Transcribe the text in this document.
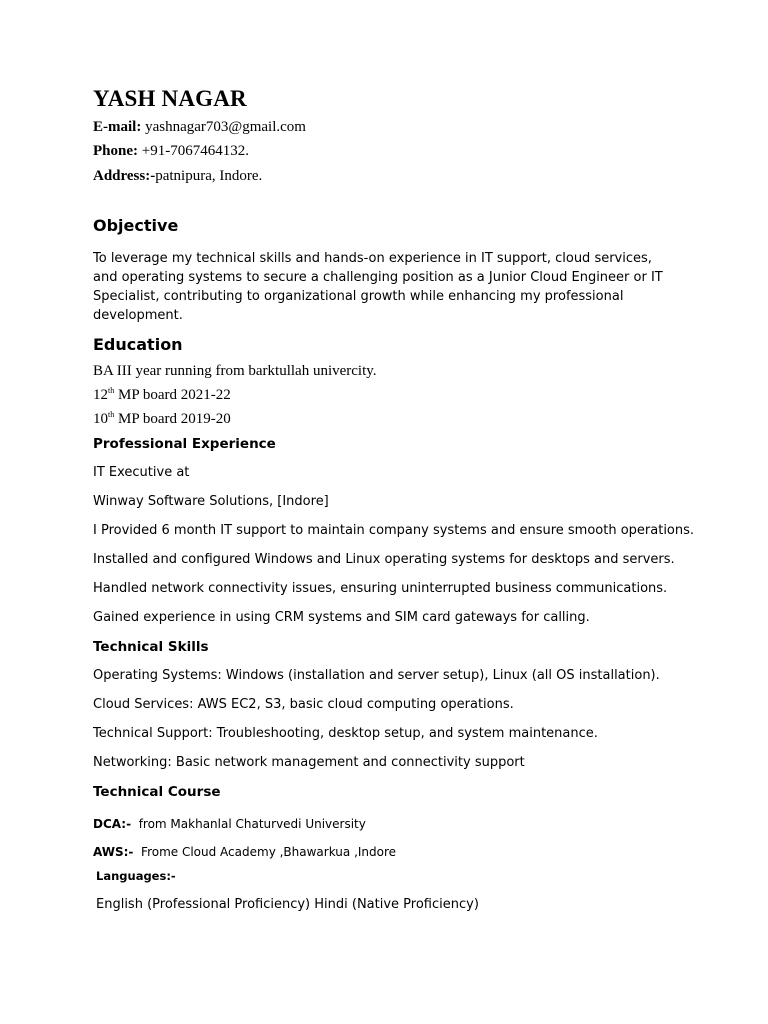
YASH NAGAR
E-mail: yashnagar703@gmail.com
Phone: +91-7067464132.
Address:-patnipura, Indore.
Objective
To leverage my technical skills and hands-on experience in IT support, cloud services, and operating systems to secure a challenging position as a Junior Cloud Engineer or IT Specialist, contributing to organizational growth while enhancing my professional development.
Education
BA III year running from barktullah univercity.
12th MP board 2021-22
10th MP board 2019-20
Professional Experience
IT Executive at
Winway Software Solutions, [Indore]
I Provided 6 month IT support to maintain company systems and ensure smooth operations.
Installed and configured Windows and Linux operating systems for desktops and servers.
Handled network connectivity issues, ensuring uninterrupted business communications.
Gained experience in using CRM systems and SIM card gateways for calling.
Technical Skills
Operating Systems: Windows (installation and server setup), Linux (all OS installation).
Cloud Services: AWS EC2, S3, basic cloud computing operations.
Technical Support: Troubleshooting, desktop setup, and system maintenance.
Networking: Basic network management and connectivity support
Technical Course
DCA:-  from Makhanlal Chaturvedi University
AWS:-  Frome Cloud Academy ,Bhawarkua ,Indore
Languages:-
English (Professional Proficiency) Hindi (Native Proficiency)
